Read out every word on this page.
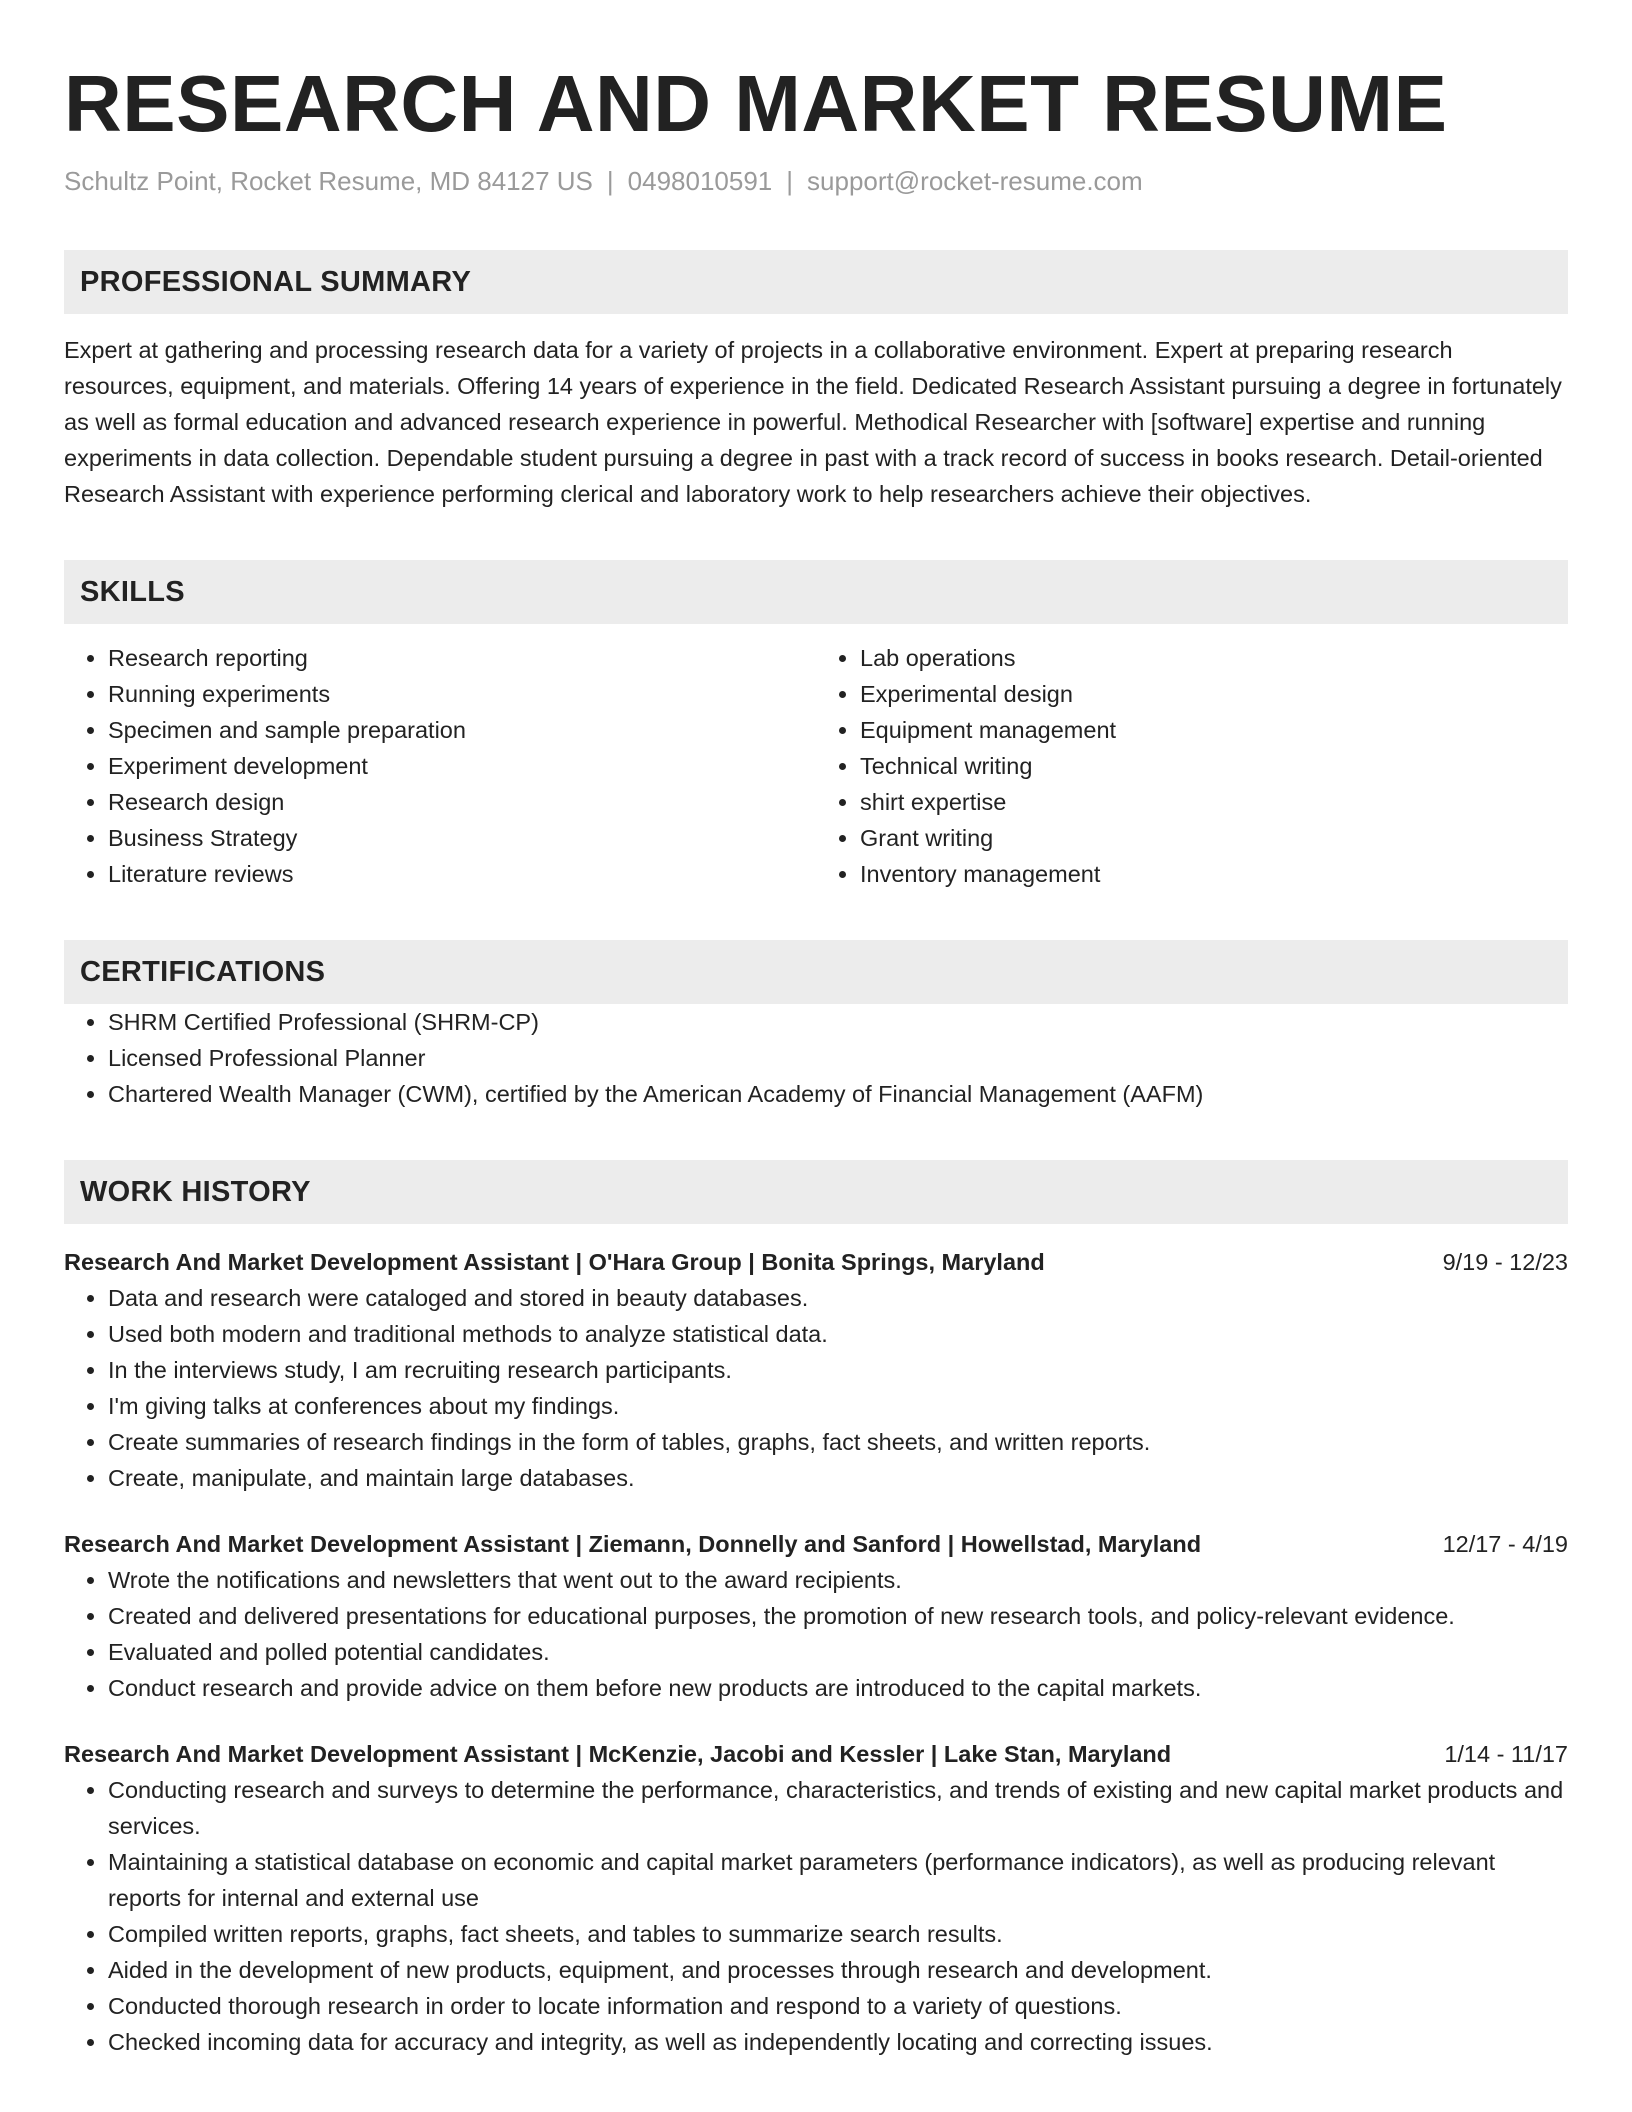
RESEARCH AND MARKET RESUME
Schultz Point, Rocket Resume, MD 84127 US | 0498010591 | support@rocket-resume.com
PROFESSIONAL SUMMARY

Expert at gathering and processing research data for a variety of projects in a collaborative environment. Expert at preparing research resources, equipment, and materials. Offering 14 years of experience in the field. Dedicated Research Assistant pursuing a degree in fortunately as well as formal education and advanced research experience in powerful. Methodical Researcher with [software] expertise and running experiments in data collection. Dependable student pursuing a degree in past with a track record of success in books research. Detail-oriented Research Assistant with experience performing clerical and laboratory work to help researchers achieve their objectives.

SKILLS
• Research reporting
• Running experiments
• Specimen and sample preparation
• Experiment development
• Research design
• Business Strategy
• Literature reviews
• Lab operations
• Experimental design
• Equipment management
• Technical writing
• shirt expertise
• Grant writing
• Inventory management
CERTIFICATIONS
• SHRM Certified Professional (SHRM-CP)
• Licensed Professional Planner
• Chartered Wealth Manager (CWM), certified by the American Academy of Financial Management (AAFM)
WORK HISTORY
Research And Market Development Assistant | O'Hara Group | Bonita Springs, Maryland	9/19 - 12/23
• Data and research were cataloged and stored in beauty databases.
• Used both modern and traditional methods to analyze statistical data.
• In the interviews study, I am recruiting research participants.
• I'm giving talks at conferences about my findings.
• Create summaries of research findings in the form of tables, graphs, fact sheets, and written reports.
• Create, manipulate, and maintain large databases.
Research And Market Development Assistant | Ziemann, Donnelly and Sanford | Howellstad, Maryland	12/17 - 4/19
• Wrote the notifications and newsletters that went out to the award recipients.
• Created and delivered presentations for educational purposes, the promotion of new research tools, and policy-relevant evidence.
• Evaluated and polled potential candidates.
• Conduct research and provide advice on them before new products are introduced to the capital markets.
Research And Market Development Assistant | McKenzie, Jacobi and Kessler | Lake Stan, Maryland	1/14 - 11/17
• Conducting research and surveys to determine the performance, characteristics, and trends of existing and new capital market products and services.
• Maintaining a statistical database on economic and capital market parameters (performance indicators), as well as producing relevant reports for internal and external use
• Compiled written reports, graphs, fact sheets, and tables to summarize search results.
• Aided in the development of new products, equipment, and processes through research and development.
• Conducted thorough research in order to locate information and respond to a variety of questions.
• Checked incoming data for accuracy and integrity, as well as independently locating and correcting issues.
